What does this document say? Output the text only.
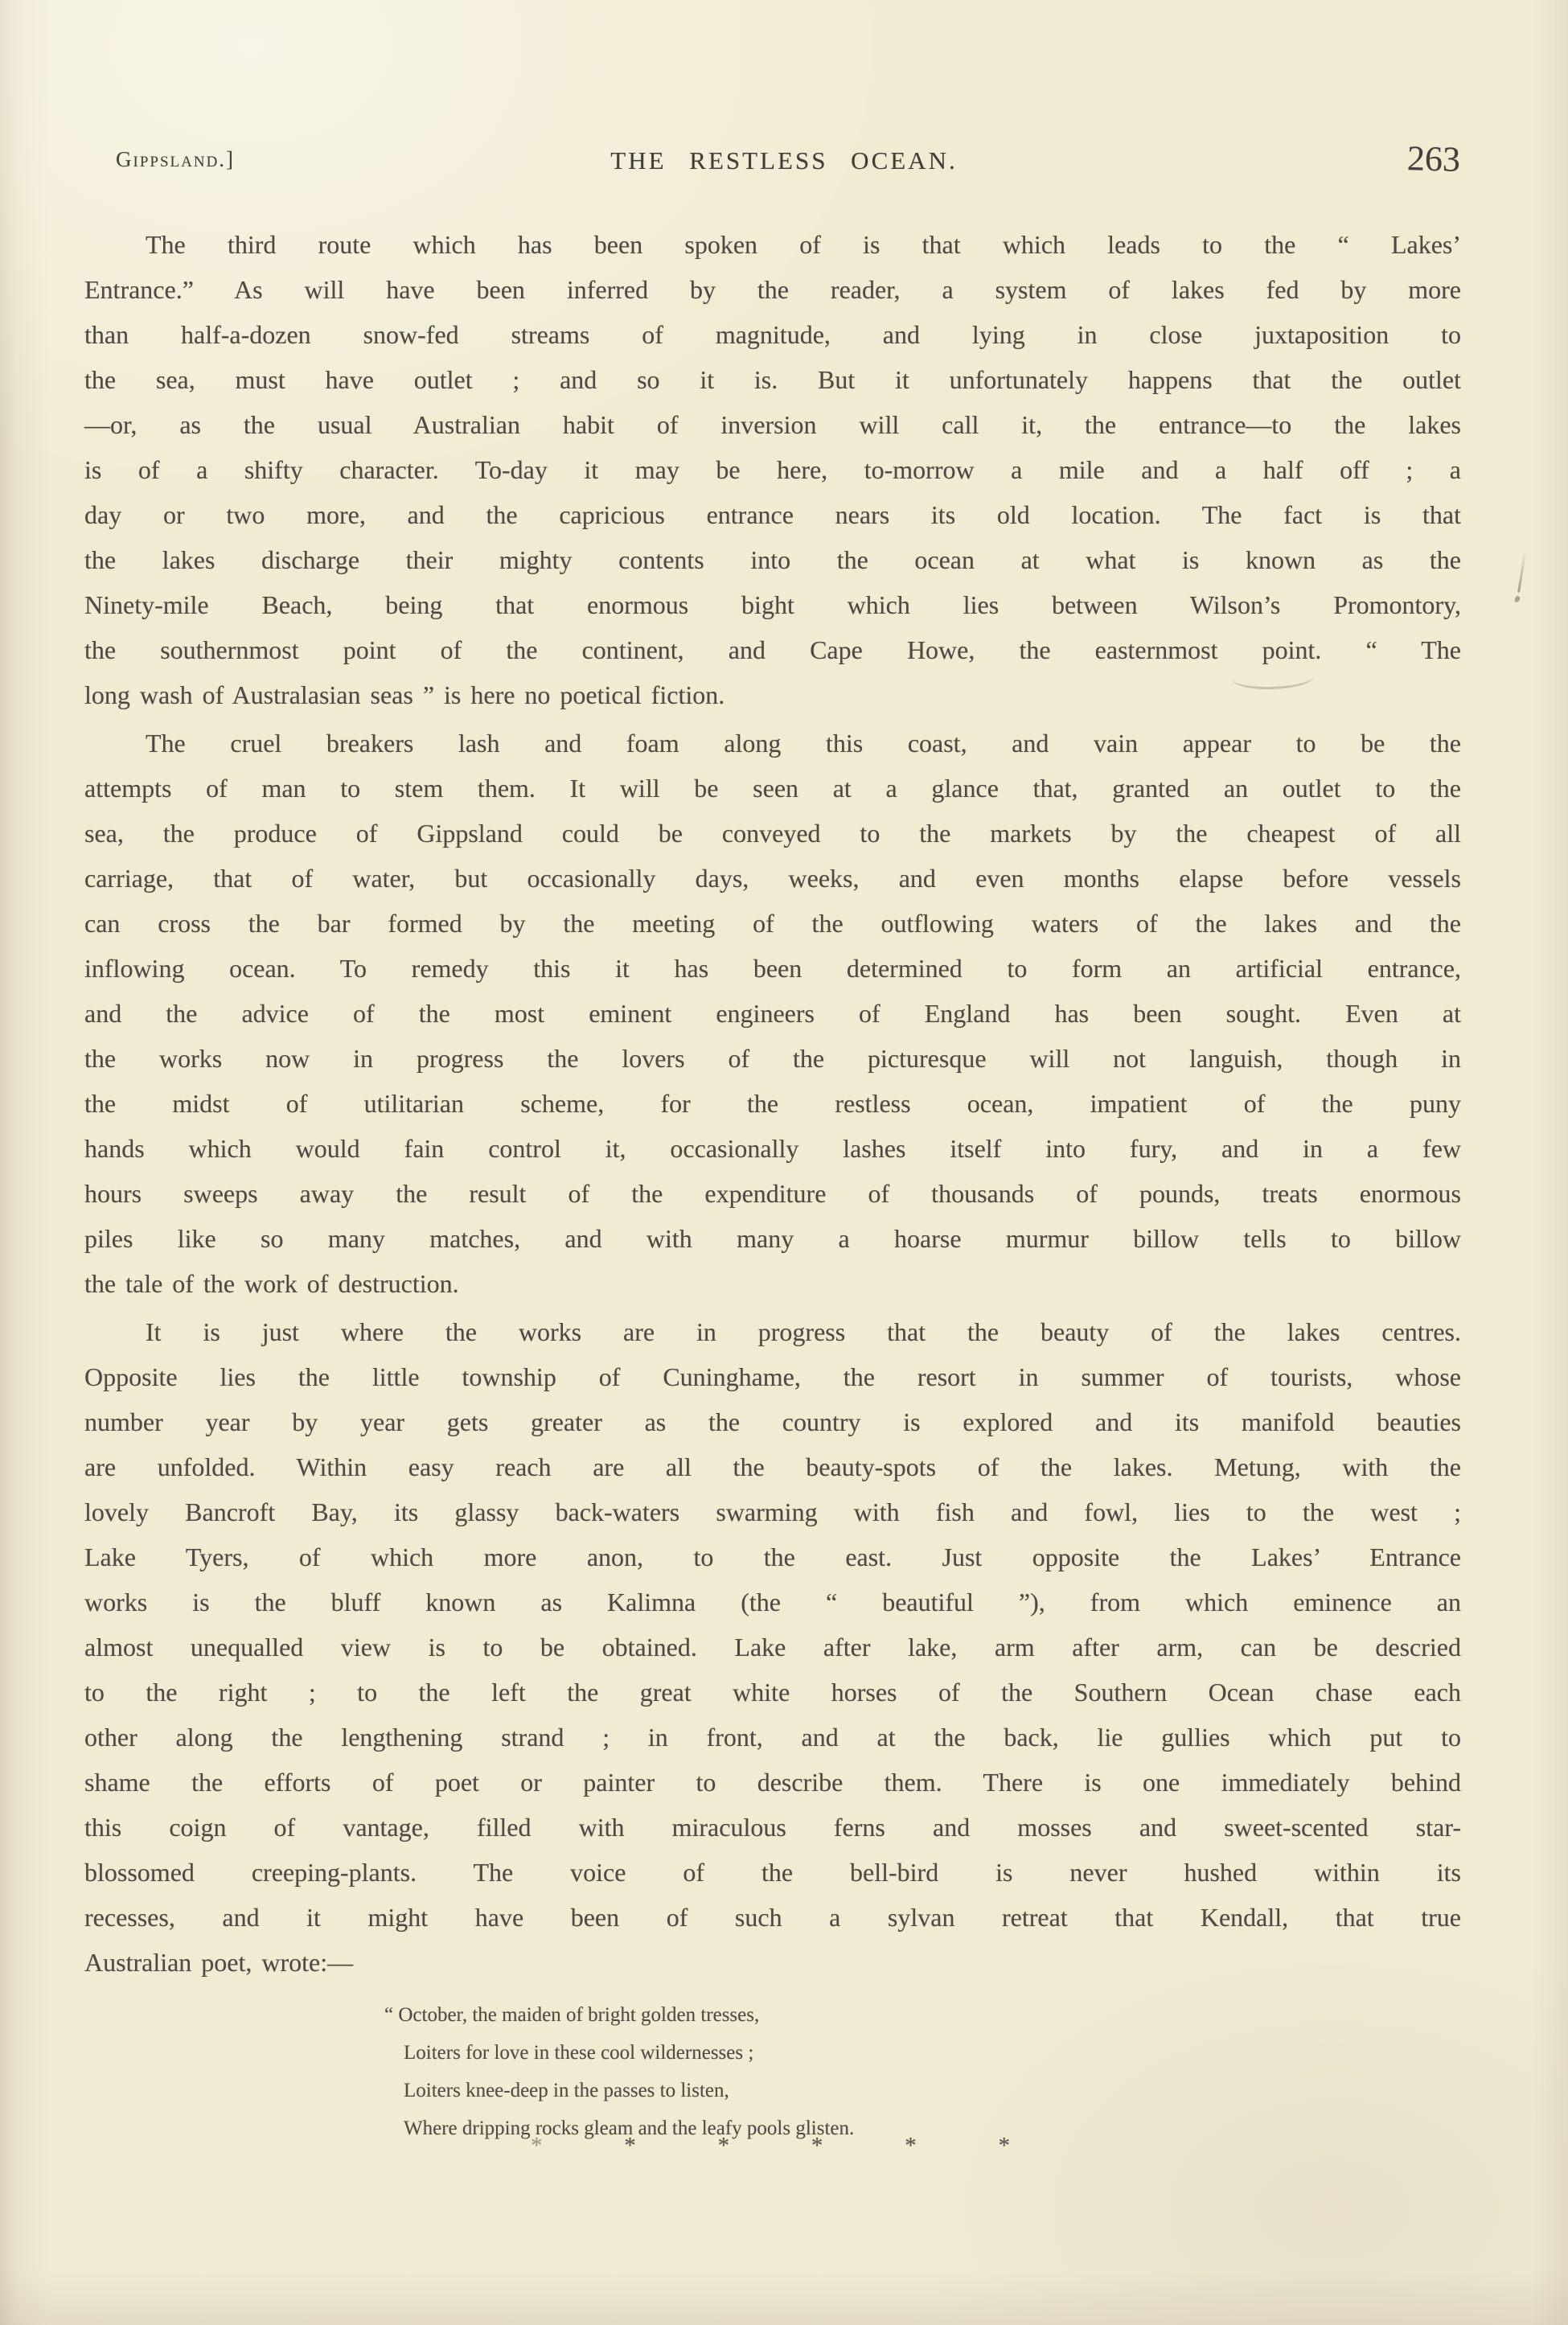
Gippsland.]	THE RESTLESS OCEAN.	263
The third route which has been spoken of is that which leads to the “ Lakes’
Entrance.” As will have been inferred by the reader, a system of lakes fed by more
than half-a-dozen snow-fed streams of magnitude, and lying in close juxtaposition to
the sea, must have outlet ; and so it is. But it unfortunately happens that the outlet
—or, as the usual Australian habit of inversion will call it, the entrance—to the lakes
is of a shifty character. To-day it may be here, to-morrow a mile and a half off ; a
day or two more, and the capricious entrance nears its old location. The fact is that
the lakes discharge their mighty contents into the ocean at what is known as the
Ninety-mile Beach, being that enormous bight which lies between Wilson’s Promontory,
the southernmost point of the continent, and Cape Howe, the easternmost point. “ The
long wash of Australasian seas ” is here no poetical fiction.
The cruel breakers lash and foam along this coast, and vain appear to be the
attempts of man to stem them. It will be seen at a glance that, granted an outlet to the
sea, the produce of Gippsland could be conveyed to the markets by the cheapest of all
carriage, that of water, but occasionally days, weeks, and even months elapse before vessels
can cross the bar formed by the meeting of the outflowing waters of the lakes and the
inflowing ocean. To remedy this it has been determined to form an artificial entrance,
and the advice of the most eminent engineers of England has been sought. Even at
the works now in progress the lovers of the picturesque will not languish, though in
the midst of utilitarian scheme, for the restless ocean, impatient of the puny
hands which would fain control it, occasionally lashes itself into fury, and in a few
hours sweeps away the result of the expenditure of thousands of pounds, treats enormous
piles like so many matches, and with many a hoarse murmur billow tells to billow
the tale of the work of destruction.
It is just where the works are in progress that the beauty of the lakes centres.
Opposite lies the little township of Cuninghame, the resort in summer of tourists, whose
number year by year gets greater as the country is explored and its manifold beauties
are unfolded. Within easy reach are all the beauty-spots of the lakes. Metung, with the
lovely Bancroft Bay, its glassy back-waters swarming with fish and fowl, lies to the west ;
Lake Tyers, of which more anon, to the east. Just opposite the Lakes’ Entrance
works is the bluff known as Kalimna (the “ beautiful ”), from which eminence an
almost unequalled view is to be obtained. Lake after lake, arm after arm, can be descried
to the right ; to the left the great white horses of the Southern Ocean chase each
other along the lengthening strand ; in front, and at the back, lie gullies which put to
shame the efforts of poet or painter to describe them. There is one immediately behind
this coign of vantage, filled with miraculous ferns and mosses and sweet-scented star-
blossomed creeping-plants. The voice of the bell-bird is never hushed within its
recesses, and it might have been of such a sylvan retreat that Kendall, that true
Australian poet, wrote:—
“ October, the maiden of bright golden tresses,
Loiters for love in these cool wildernesses ;
Loiters knee-deep in the passes to listen,
Where dripping rocks gleam and the leafy pools glisten.
*	*	*	*	*	*
